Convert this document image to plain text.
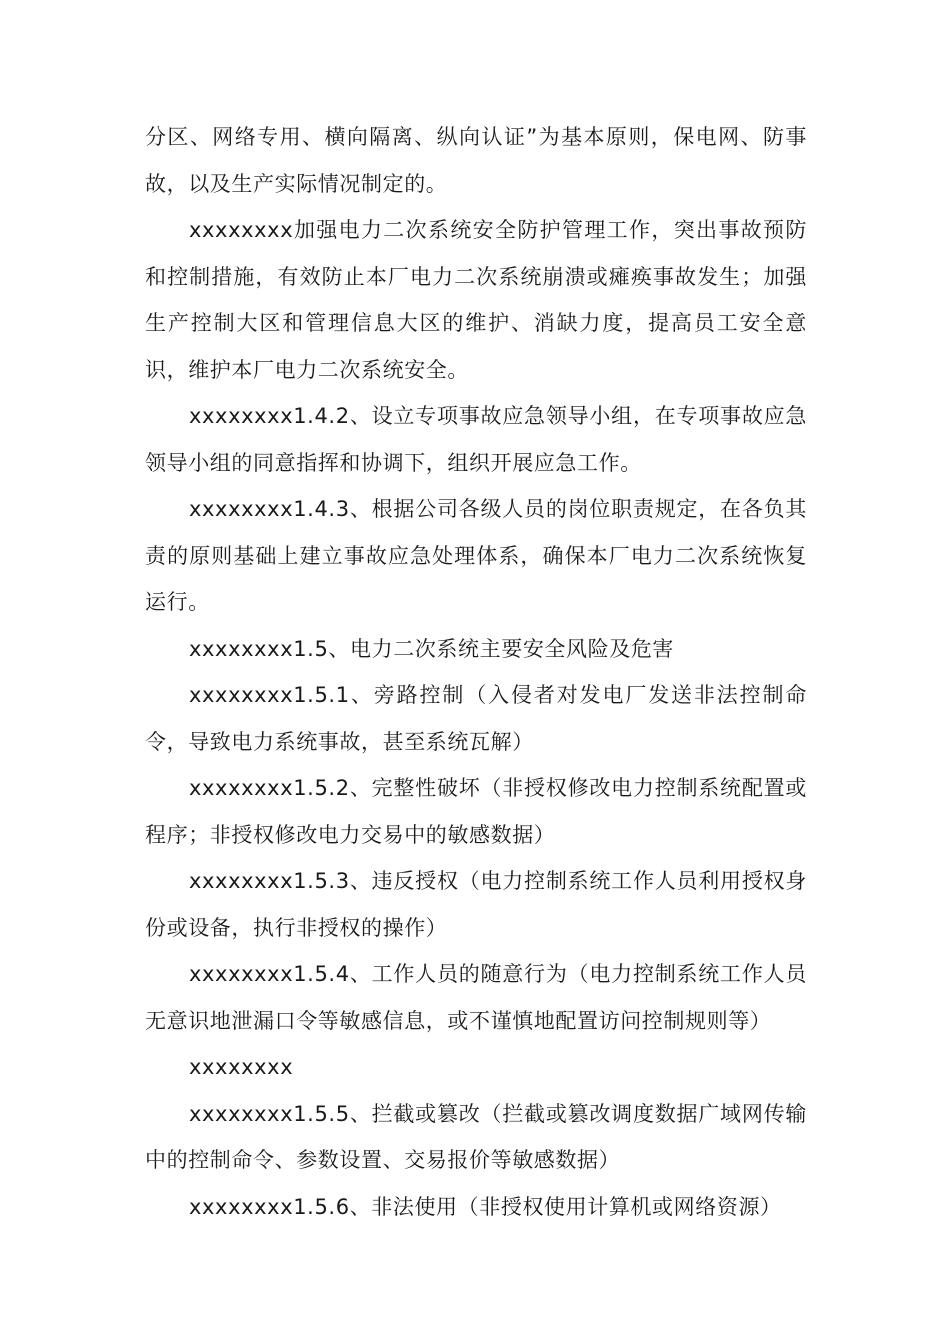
分区、网络专用、横向隔离、纵向认证”为基本原则，保电网、防事故，以及生产实际情况制定的。

xxxxxxxx加强电力二次系统安全防护管理工作，突出事故预防和控制措施，有效防止本厂电力二次系统崩溃或瘫痪事故发生；加强生产控制大区和管理信息大区的维护、消缺力度，提高员工安全意识，维护本厂电力二次系统安全。

xxxxxxxx1.4.2、设立专项事故应急领导小组，在专项事故应急领导小组的同意指挥和协调下，组织开展应急工作。

xxxxxxxx1.4.3、根据公司各级人员的岗位职责规定，在各负其责的原则基础上建立事故应急处理体系，确保本厂电力二次系统恢复运行。

xxxxxxxx1.5、电力二次系统主要安全风险及危害

xxxxxxxx1.5.1、旁路控制（入侵者对发电厂发送非法控制命令，导致电力系统事故，甚至系统瓦解）

xxxxxxxx1.5.2、完整性破坏（非授权修改电力控制系统配置或程序；非授权修改电力交易中的敏感数据）

xxxxxxxx1.5.3、违反授权（电力控制系统工作人员利用授权身份或设备，执行非授权的操作）

xxxxxxxx1.5.4、工作人员的随意行为（电力控制系统工作人员无意识地泄漏口令等敏感信息，或不谨慎地配置访问控制规则等）

xxxxxxxx

xxxxxxxx1.5.5、拦截或篡改（拦截或篡改调度数据广域网传输中的控制命令、参数设置、交易报价等敏感数据）

xxxxxxxx1.5.6、非法使用（非授权使用计算机或网络资源）
